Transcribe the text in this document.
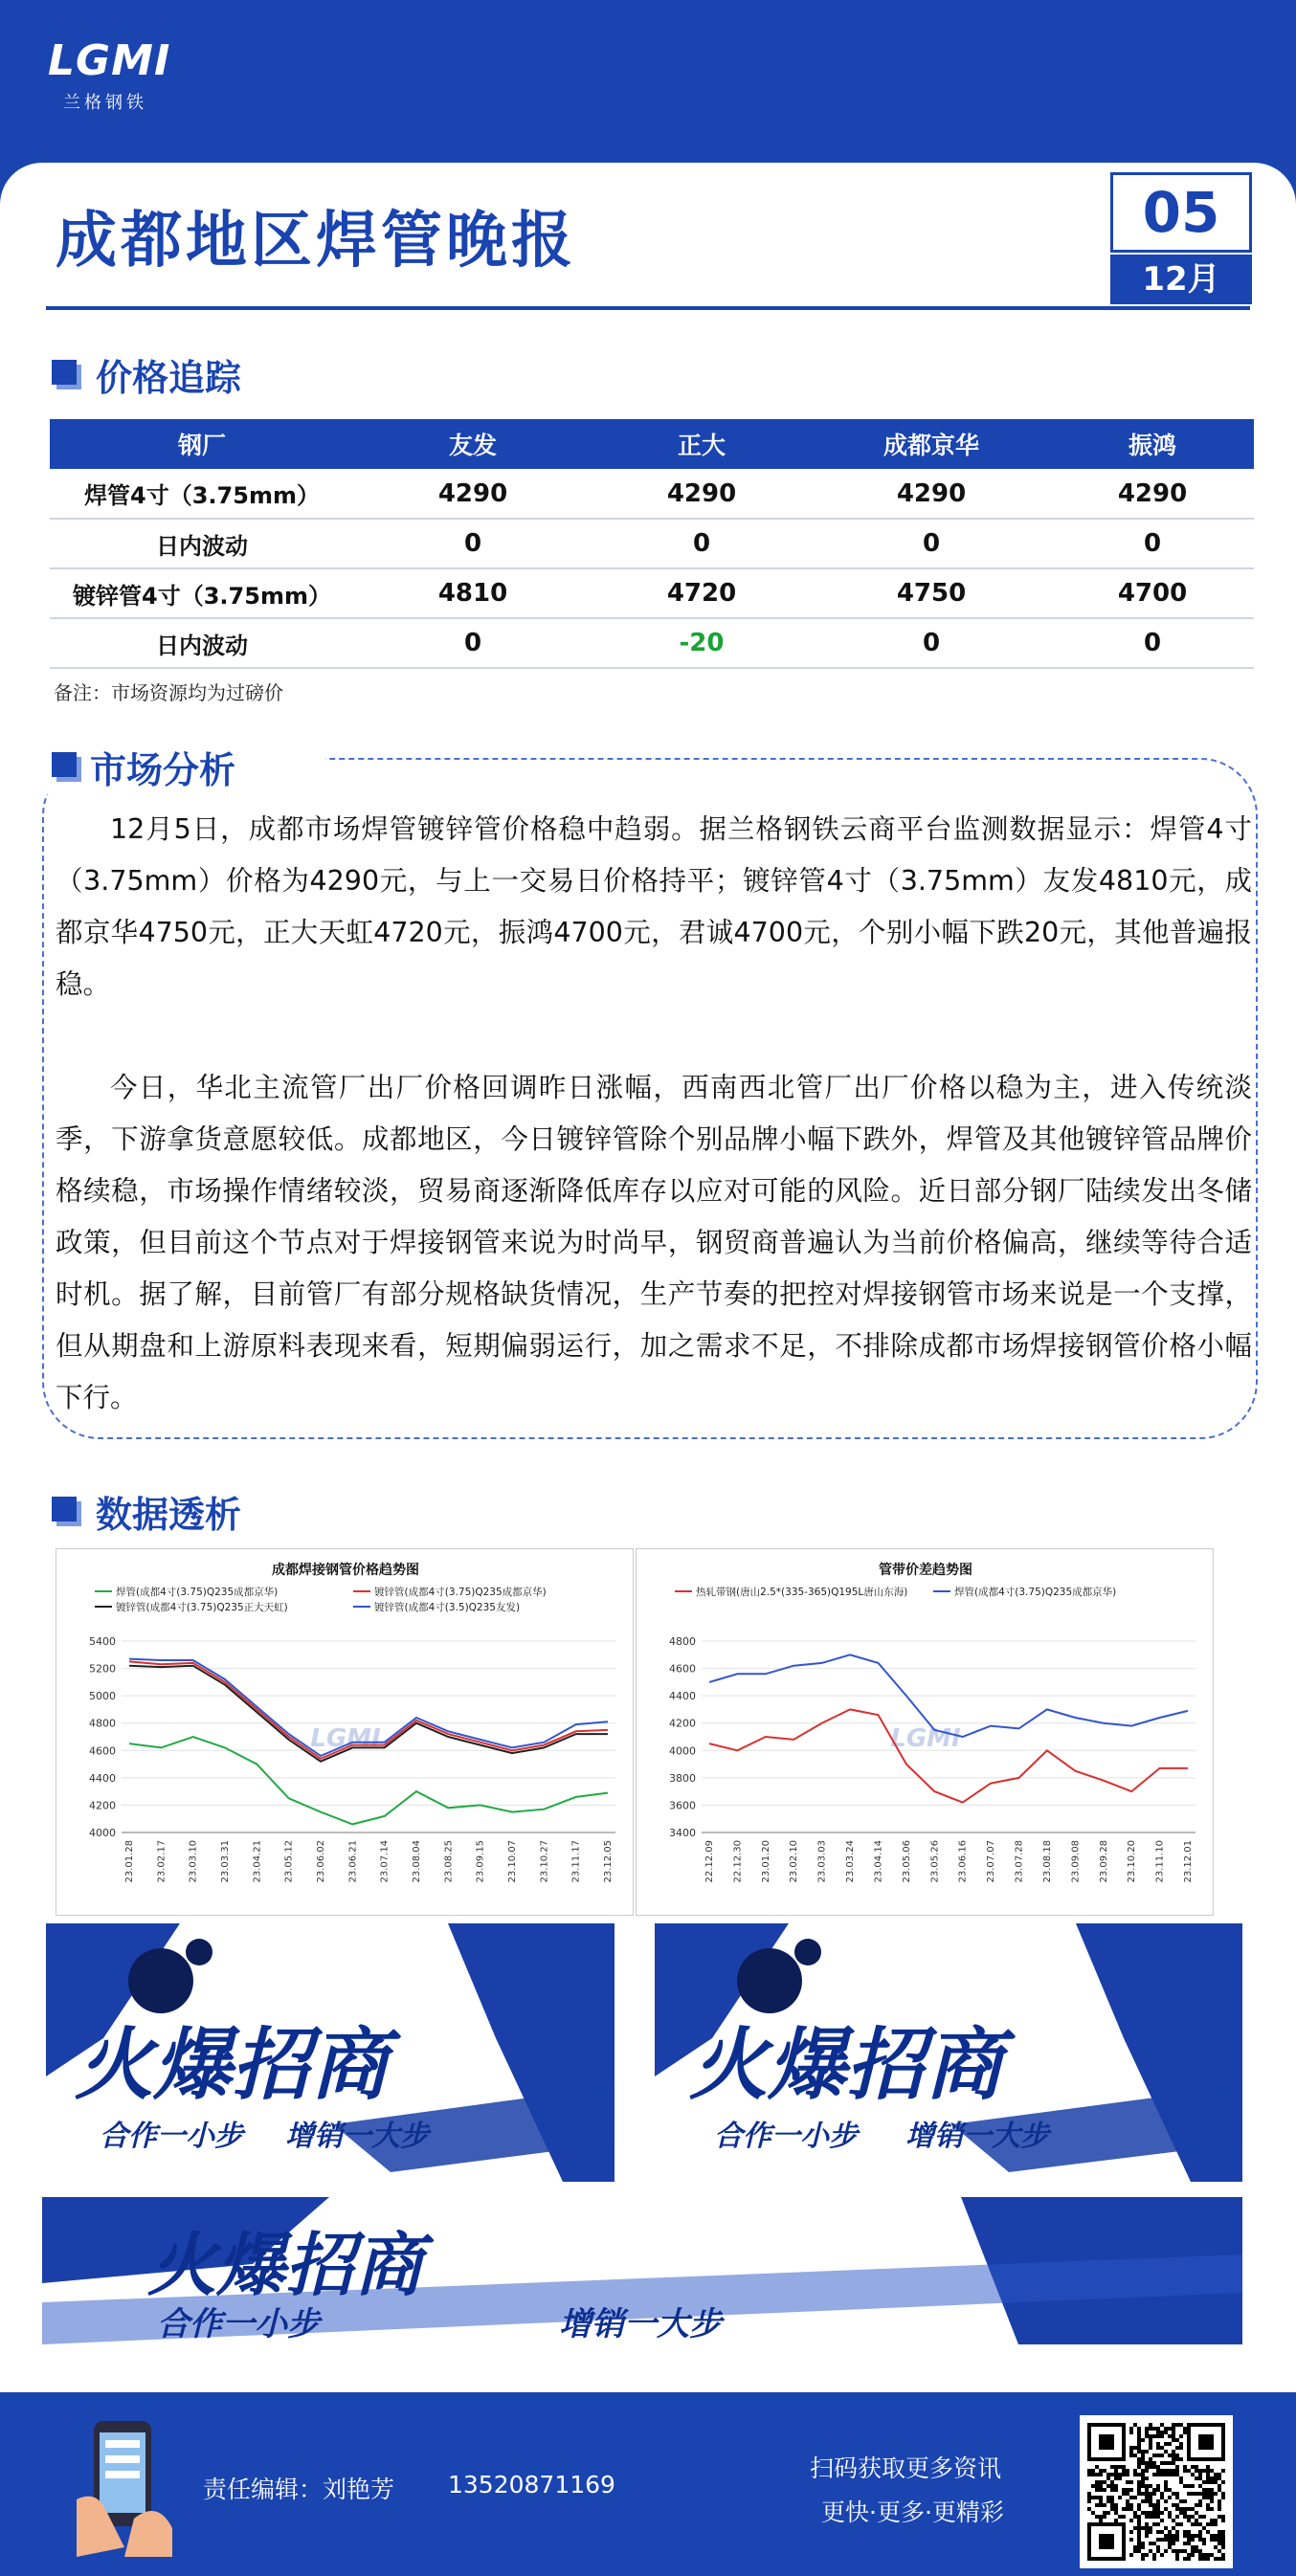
LGMI
兰格钢铁
成都地区焊管晚报	05
12月
价格追踪
钢厂	友发	正大	成都京华	振鸿
焊管4寸（3.75mm）	4290	4290	4290	4290
日内波动	0	0	0	0
镀锌管4寸（3.75mm）	4810	4720	4750	4700
日内波动	0	-20	0	0
备注：市场资源均为过磅价
市场分析

12月5日，成都市场焊管镀锌管价格稳中趋弱。据兰格钢铁云商平台监测数据显示：焊管4寸（3.75mm）价格为4290元，与上一交易日价格持平；镀锌管4寸（3.75mm）友发4810元，成都京华4750元，正大天虹4720元，振鸿4700元，君诚4700元，个别小幅下跌20元，其他普遍报稳。

今日，华北主流管厂出厂价格回调昨日涨幅，西南西北管厂出厂价格以稳为主，进入传统淡季，下游拿货意愿较低。成都地区，今日镀锌管除个别品牌小幅下跌外，焊管及其他镀锌管品牌价格续稳，市场操作情绪较淡，贸易商逐渐降低库存以应对可能的风险。近日部分钢厂陆续发出冬储政策，但目前这个节点对于焊接钢管来说为时尚早，钢贸商普遍认为当前价格偏高，继续等待合适时机。据了解，目前管厂有部分规格缺货情况，生产节奏的把控对焊接钢管市场来说是一个支撑，但从期盘和上游原料表现来看，短期偏弱运行，加之需求不足，不排除成都市场焊接钢管价格小幅下行。

数据透析
成都焊接钢管价格趋势图
焊管(成都4寸(3.75)Q235成都京华)	镀锌管(成都4寸(3.75)Q235成都京华)
镀锌管(成都4寸(3.75)Q235正大天虹)	镀锌管(成都4寸(3.5)Q235友发)
4000
4200
4400
4600
4800
5000
5200
5400
23.01.28 23.02.17 23.03.10 23.03.31 23.04.21 23.05.12 23.06.02 23.06.21 23.07.14 23.08.04 23.08.25 23.09.15 23.10.07 23.10.27 23.11.17 23.12.05
LGMI
管带价差趋势图
热轧带钢(唐山2.5*(335-365)Q195L唐山东海)	焊管(成都4寸(3.75)Q235成都京华)
3400
3600
3800
4000
4200
4400
4600
4800
22.12.09 22.12.30 23.01.20 23.02.10 23.03.03 23.03.24 23.04.14 23.05.06 23.05.26 23.06.16 23.07.07 23.07.28 23.08.18 23.09.08 23.09.28 23.10.20 23.11.10 23.12.01
LGMI
火爆招商
合作一小步 增销一大步
火爆招商
合作一小步 增销一大步
火爆招商
合作一小步	增销一大步
责任编辑：刘艳芳 13520871169
扫码获取更多资讯
更快·更多·更精彩
